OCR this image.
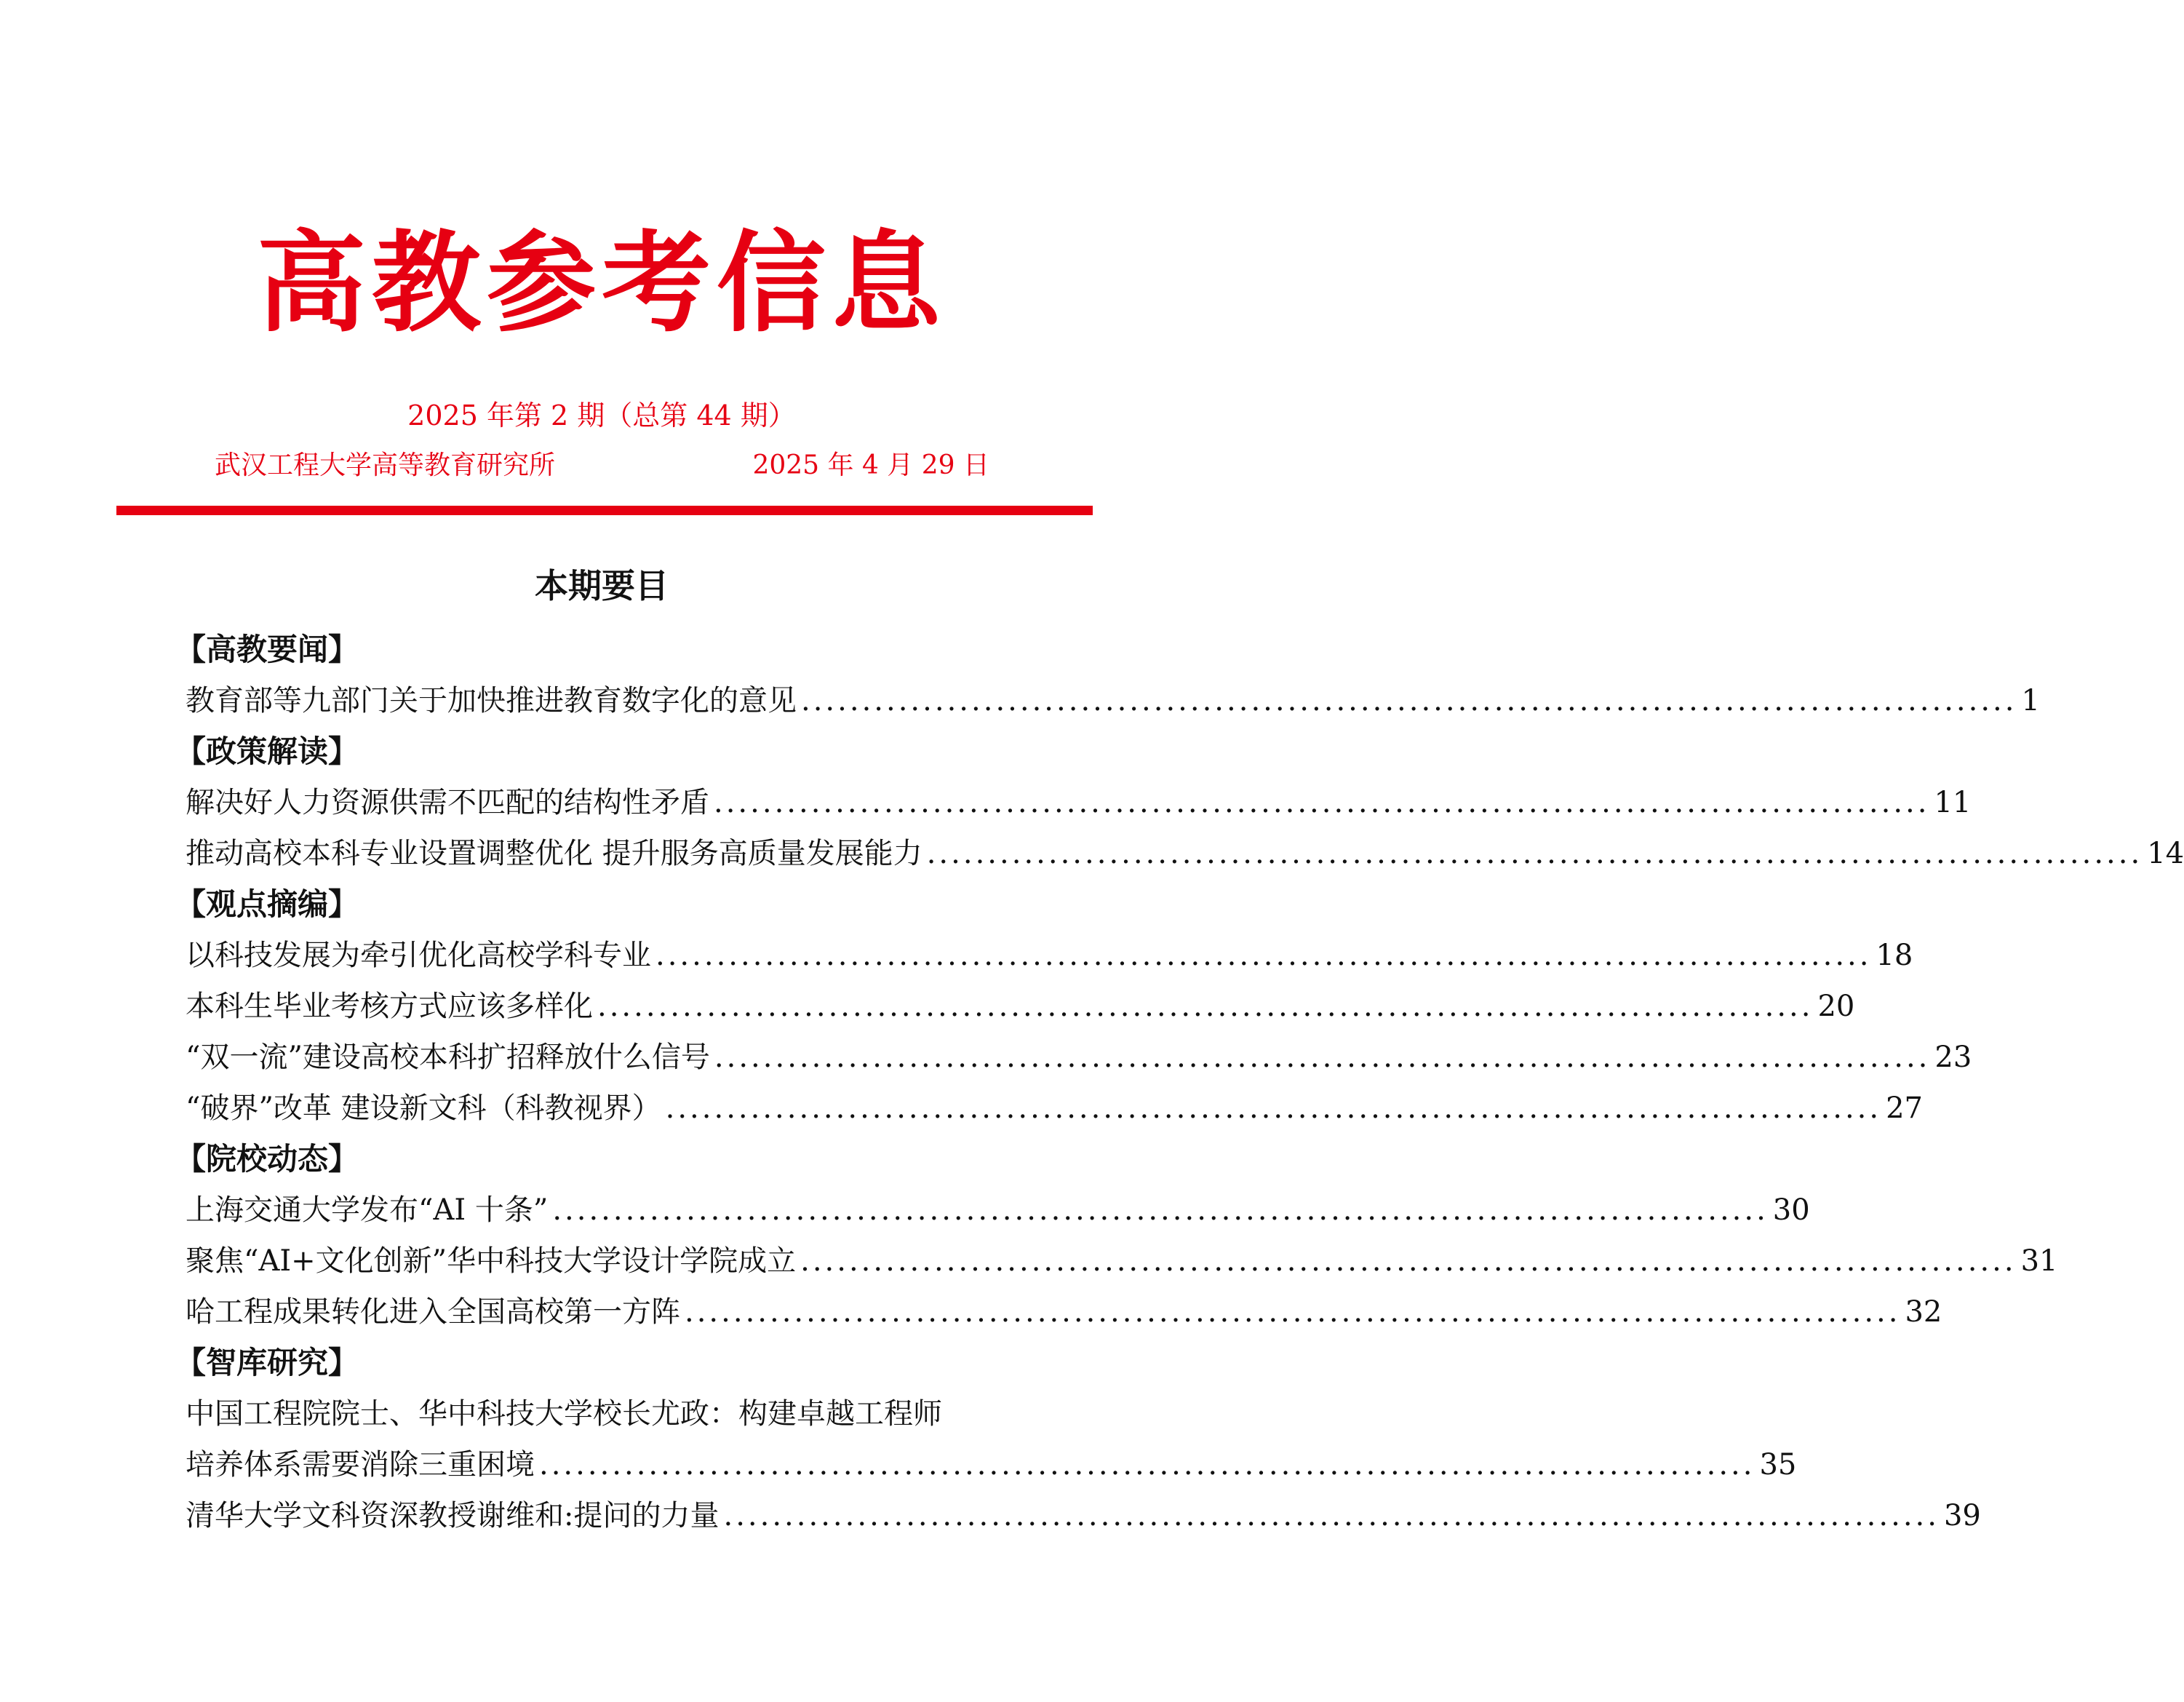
高教参考信息
2025 年第 2 期（总第 44 期）
武汉工程大学高等教育研究所	2025 年 4 月 29 日
本期要目
【高教要闻】
教育部等九部门关于加快推进教育数字化的意见 .................................................................................................... 1
【政策解读】
解决好人力资源供需不匹配的结构性矛盾 .................................................................................................... 11
推动高校本科专业设置调整优化 提升服务高质量发展能力 .................................................................................................... 14
【观点摘编】
以科技发展为牵引优化高校学科专业 .................................................................................................... 18
本科生毕业考核方式应该多样化 .................................................................................................... 20
“双一流”建设高校本科扩招释放什么信号 .................................................................................................... 23
“破界”改革 建设新文科（科教视界） .................................................................................................... 27
【院校动态】
上海交通大学发布“AI 十条” .................................................................................................... 30
聚焦“AI+文化创新”华中科技大学设计学院成立 .................................................................................................... 31
哈工程成果转化进入全国高校第一方阵 .................................................................................................... 32
【智库研究】
中国工程院院士、华中科技大学校长尤政：构建卓越工程师
培养体系需要消除三重困境 .................................................................................................... 35
清华大学文科资深教授谢维和:提问的力量 .................................................................................................... 39
